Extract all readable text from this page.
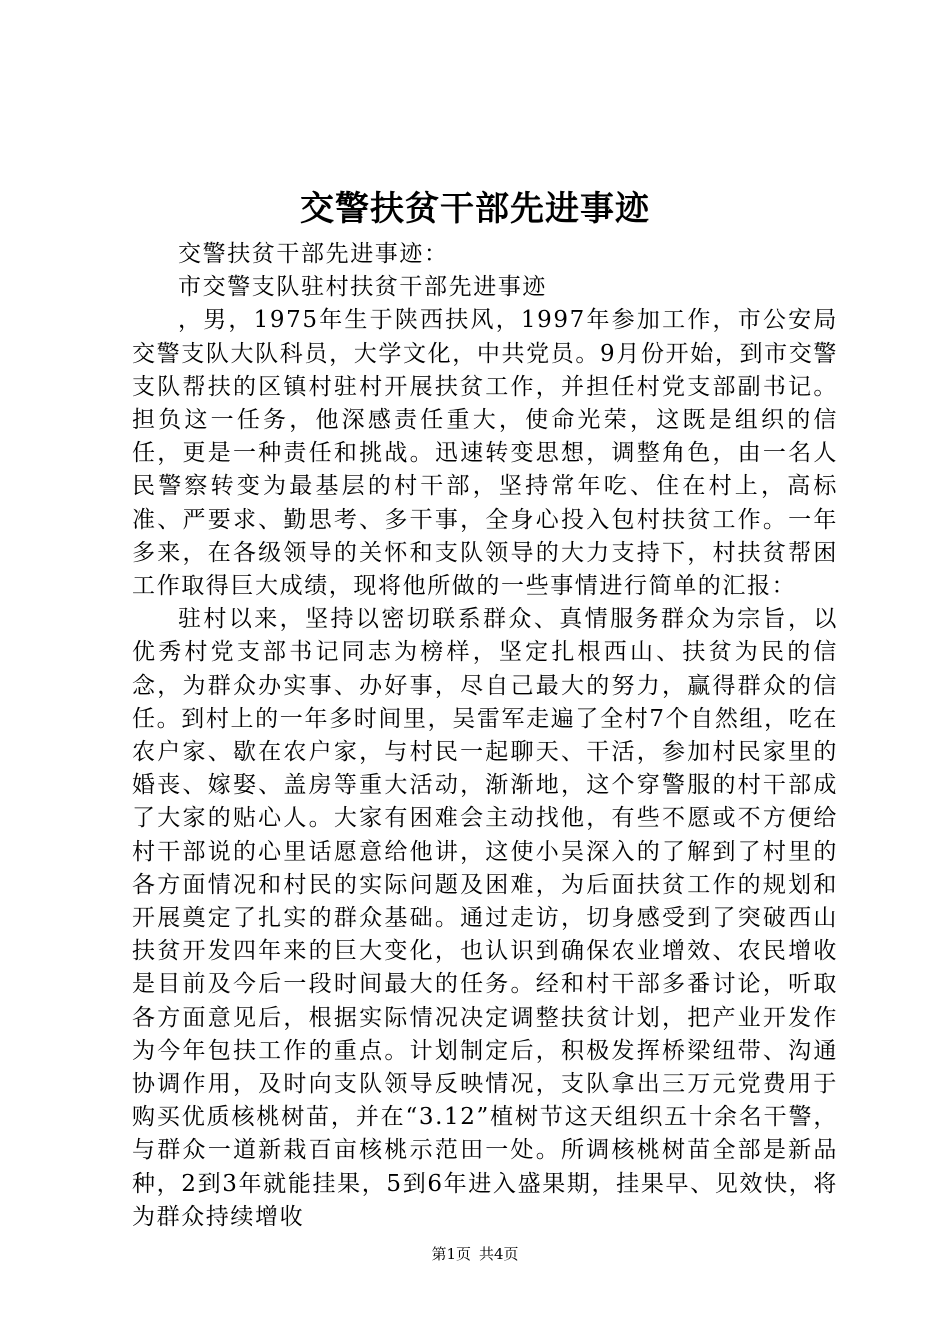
交警扶贫干部先进事迹

交警扶贫干部先进事迹：

市交警支队驻村扶贫干部先进事迹

，男，1975年生于陕西扶风，1997年参加工作，市公安局交警支队大队科员，大学文化，中共党员。9月份开始，到市交警支队帮扶的区镇村驻村开展扶贫工作，并担任村党支部副书记。担负这一任务，他深感责任重大，使命光荣，这既是组织的信任，更是一种责任和挑战。迅速转变思想，调整角色，由一名人民警察转变为最基层的村干部，坚持常年吃、住在村上，高标准、严要求、勤思考、多干事，全身心投入包村扶贫工作。一年多来，在各级领导的关怀和支队领导的大力支持下，村扶贫帮困工作取得巨大成绩，现将他所做的一些事情进行简单的汇报：

驻村以来，坚持以密切联系群众、真情服务群众为宗旨，以优秀村党支部书记同志为榜样，坚定扎根西山、扶贫为民的信念，为群众办实事、办好事，尽自己最大的努力，赢得群众的信任。到村上的一年多时间里，吴雷军走遍了全村7个自然组，吃在农户家、歇在农户家，与村民一起聊天、干活，参加村民家里的婚丧、嫁娶、盖房等重大活动，渐渐地，这个穿警服的村干部成了大家的贴心人。大家有困难会主动找他，有些不愿或不方便给村干部说的心里话愿意给他讲，这使小吴深入的了解到了村里的各方面情况和村民的实际问题及困难，为后面扶贫工作的规划和开展奠定了扎实的群众基础。通过走访，切身感受到了突破西山扶贫开发四年来的巨大变化，也认识到确保农业增效、农民增收是目前及今后一段时间最大的任务。经和村干部多番讨论，听取各方面意见后，根据实际情况决定调整扶贫计划，把产业开发作为今年包扶工作的重点。计划制定后，积极发挥桥梁纽带、沟通协调作用，及时向支队领导反映情况，支队拿出三万元党费用于购买优质核桃树苗，并在“3.12”植树节这天组织五十余名干警，与群众一道新栽百亩核桃示范田一处。所调核桃树苗全部是新品种，2到3年就能挂果，5到6年进入盛果期，挂果早、见效快，将为群众持续增收

第1页 共4页
